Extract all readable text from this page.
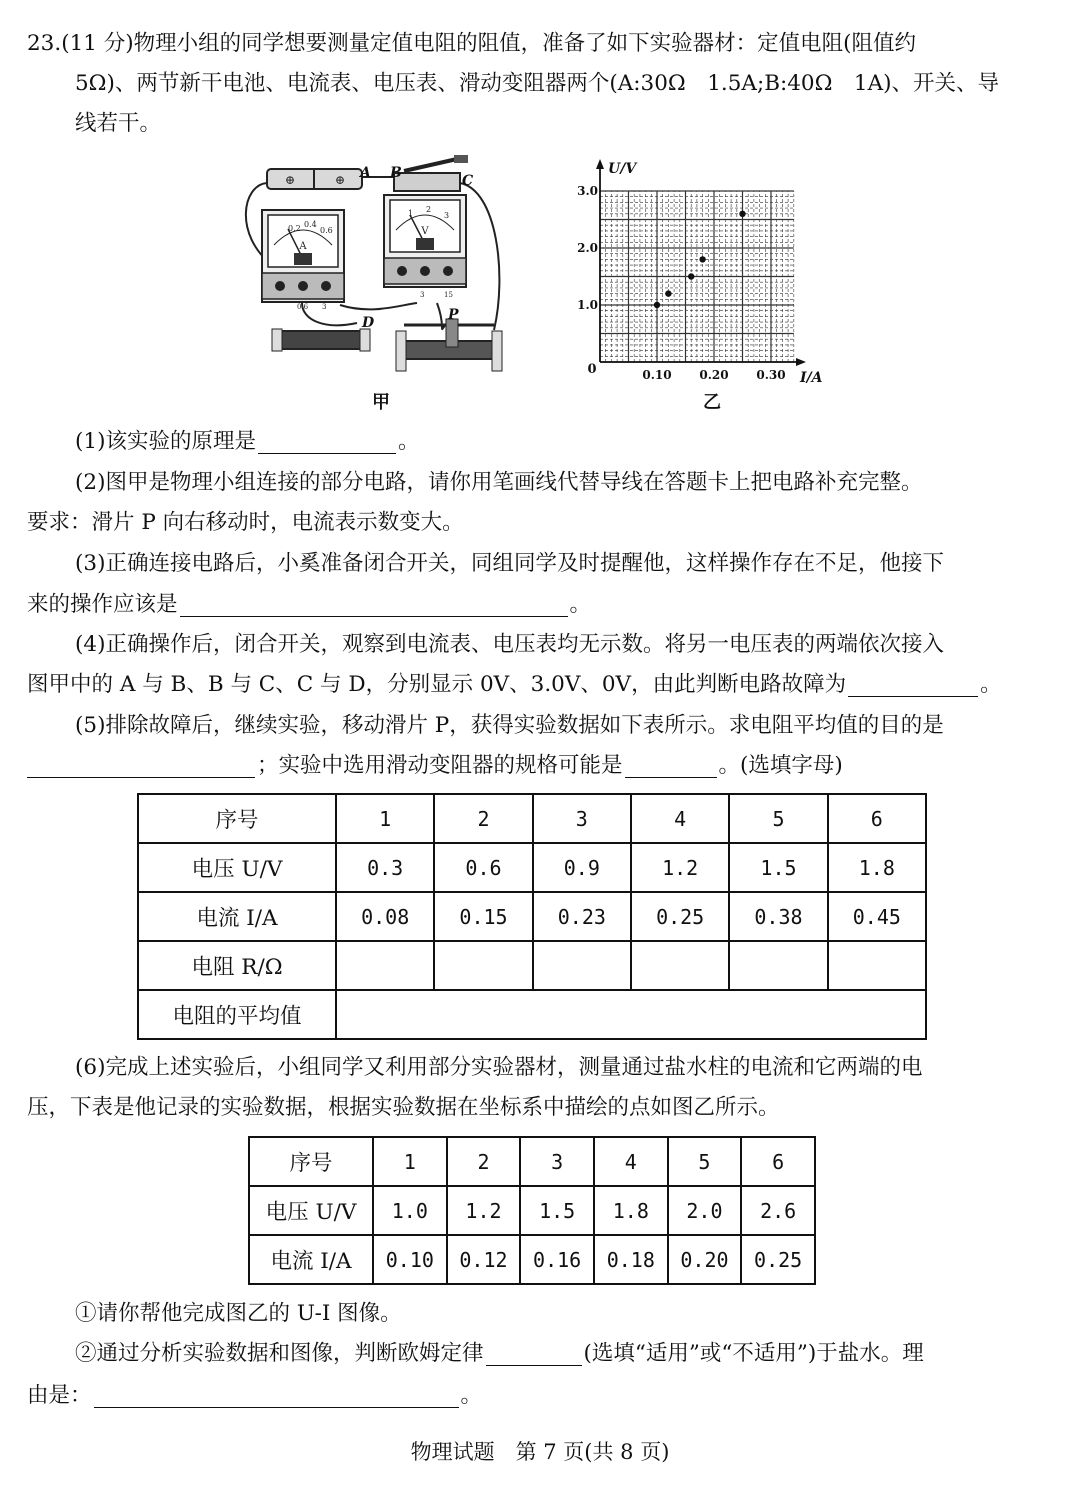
23.(11 分)物理小组的同学想要测量定值电阻的阻值，准备了如下实验器材：定值电阻(阻值约
5Ω)、两节新干电池、电流表、电压表、滑动变阻器两个(A:30Ω　1.5A;B:40Ω　1A)、开关、导
线若干。
⊕	⊕
0.2 0.4
0.6
A
0.6 3
1 2
3
V
3	15
A B	C
D	P
甲
U/V
I/A
0
1.0
2.0
3.0
0.10 0.20 0.30
乙
(1)该实验的原理是	。
(2)图甲是物理小组连接的部分电路，请你用笔画线代替导线在答题卡上把电路补充完整。
要求：滑片 P 向右移动时，电流表示数变大。
(3)正确连接电路后，小奚准备闭合开关，同组同学及时提醒他，这样操作存在不足，他接下
来的操作应该是	。
(4)正确操作后，闭合开关，观察到电流表、电压表均无示数。将另一电压表的两端依次接入
图甲中的 A 与 B、B 与 C、C 与 D，分别显示 0V、3.0V、0V，由此判断电路故障为	。
(5)排除故障后，继续实验，移动滑片 P，获得实验数据如下表所示。求电阻平均值的目的是
；实验中选用滑动变阻器的规格可能是	。(选填字母)
序号	1	2	3	4	5	6
电压 U/V	0.3	0.6	0.9	1.2	1.5	1.8
电流 I/A	0.08	0.15	0.23	0.25	0.38	0.45
电阻 R/Ω						
电阻的平均值						
(6)完成上述实验后，小组同学又利用部分实验器材，测量通过盐水柱的电流和它两端的电
压，下表是他记录的实验数据，根据实验数据在坐标系中描绘的点如图乙所示。
序号	1	2	3	4	5	6
电压 U/V	1.0	1.2	1.5	1.8	2.0	2.6
电流 I/A	0.10	0.12	0.16	0.18	0.20	0.25
①请你帮他完成图乙的 U-I 图像。
②通过分析实验数据和图像，判断欧姆定律	(选填“适用”或“不适用”)于盐水。理
由是：	。
物理试题　第 7 页(共 8 页)
